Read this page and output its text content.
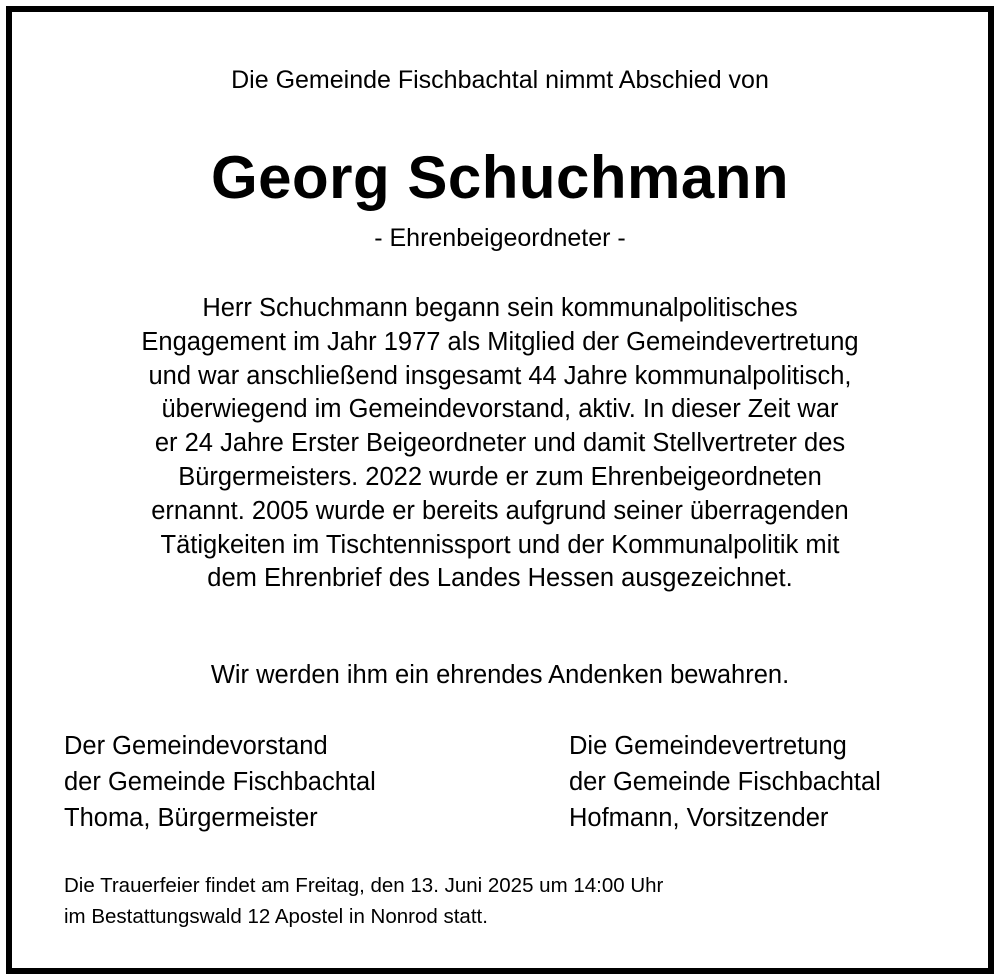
Die Gemeinde Fischbachtal nimmt Abschied von
Georg Schuchmann
- Ehrenbeigeordneter -
Herr Schuchmann begann sein kommunalpolitisches
Engagement im Jahr 1977 als Mitglied der Gemeindevertretung
und war anschließend insgesamt 44 Jahre kommunalpolitisch,
überwiegend im Gemeindevorstand, aktiv. In dieser Zeit war
er 24 Jahre Erster Beigeordneter und damit Stellvertreter des
Bürgermeisters. 2022 wurde er zum Ehrenbeigeordneten
ernannt. 2005 wurde er bereits aufgrund seiner überragenden
Tätigkeiten im Tischtennissport und der Kommunalpolitik mit
dem Ehrenbrief des Landes Hessen ausgezeichnet.
Wir werden ihm ein ehrendes Andenken bewahren.
Der Gemeindevorstand
der Gemeinde Fischbachtal
Thoma, Bürgermeister
Die Gemeindevertretung
der Gemeinde Fischbachtal
Hofmann, Vorsitzender
Die Trauerfeier findet am Freitag, den 13. Juni 2025 um 14:00 Uhr
im Bestattungswald 12 Apostel in Nonrod statt.
